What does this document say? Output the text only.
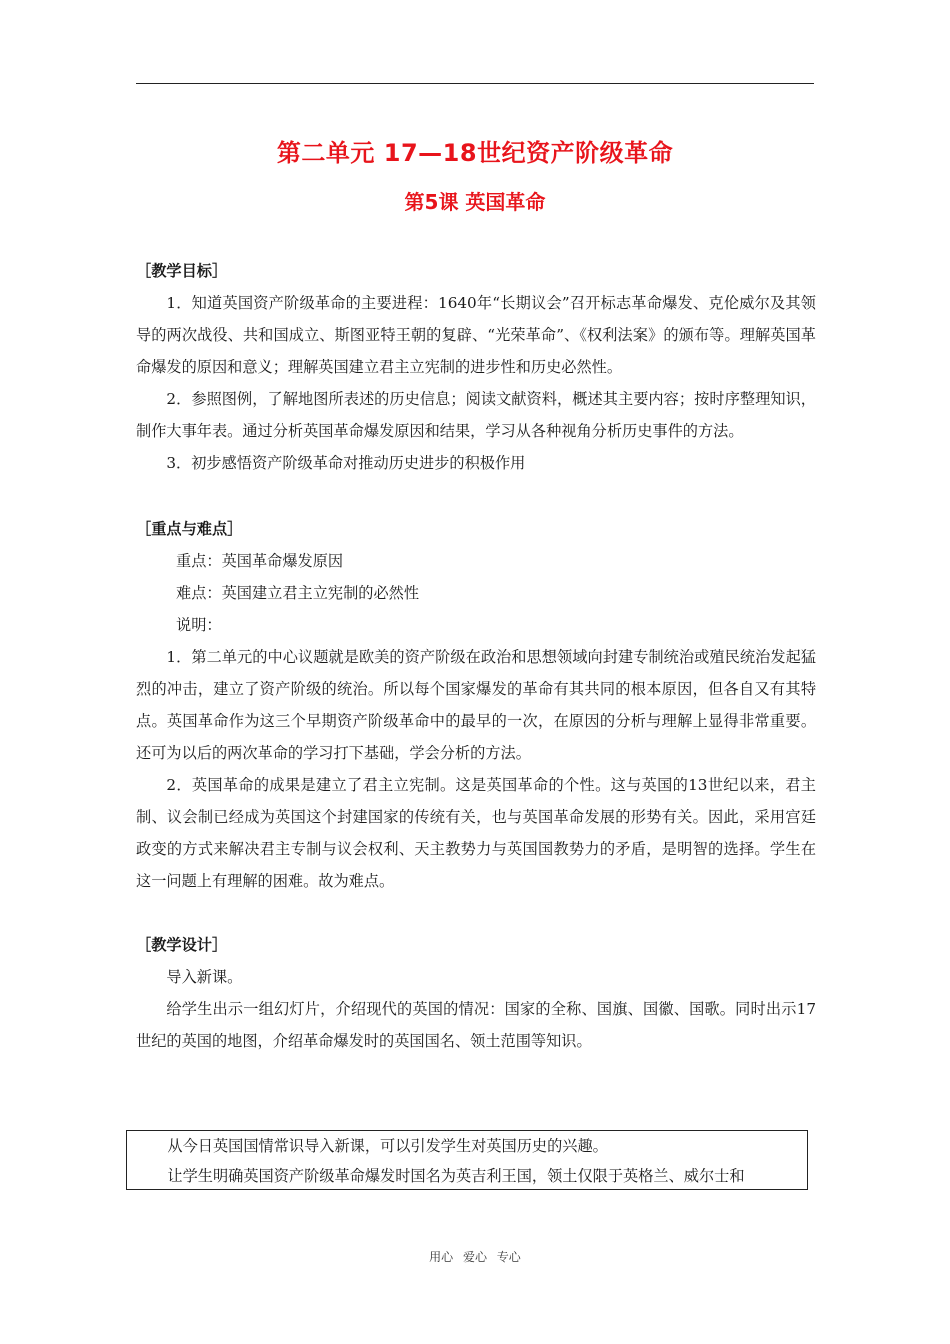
第二单元 17—18世纪资产阶级革命
第5课 英国革命

［教学目标］

1．知道英国资产阶级革命的主要进程：1640年“长期议会”召开标志革命爆发、克伦威尔及其领导的两次战役、共和国成立、斯图亚特王朝的复辟、“光荣革命”、《权利法案》的颁布等。理解英国革命爆发的原因和意义；理解英国建立君主立宪制的进步性和历史必然性。

2．参照图例，了解地图所表述的历史信息；阅读文献资料，概述其主要内容；按时序整理知识，制作大事年表。通过分析英国革命爆发原因和结果，学习从各种视角分析历史事件的方法。

3．初步感悟资产阶级革命对推动历史进步的积极作用

［重点与难点］

重点：英国革命爆发原因

难点：英国建立君主立宪制的必然性

说明：

1．第二单元的中心议题就是欧美的资产阶级在政治和思想领域向封建专制统治或殖民统治发起猛烈的冲击，建立了资产阶级的统治。所以每个国家爆发的革命有其共同的根本原因，但各自又有其特点。英国革命作为这三个早期资产阶级革命中的最早的一次，在原因的分析与理解上显得非常重要。还可为以后的两次革命的学习打下基础，学会分析的方法。

2．英国革命的成果是建立了君主立宪制。这是英国革命的个性。这与英国的13世纪以来，君主制、议会制已经成为英国这个封建国家的传统有关，也与英国革命发展的形势有关。因此，采用宫廷政变的方式来解决君主专制与议会权利、天主教势力与英国国教势力的矛盾，是明智的选择。学生在这一问题上有理解的困难。故为难点。

［教学设计］

导入新课。

给学生出示一组幻灯片，介绍现代的英国的情况：国家的全称、国旗、国徽、国歌。同时出示17世纪的英国的地图，介绍革命爆发时的英国国名、领土范围等知识。

从今日英国国情常识导入新课，可以引发学生对英国历史的兴趣。

让学生明确英国资产阶级革命爆发时国名为英吉利王国，领土仅限于英格兰、威尔士和

用心 爱心 专心
